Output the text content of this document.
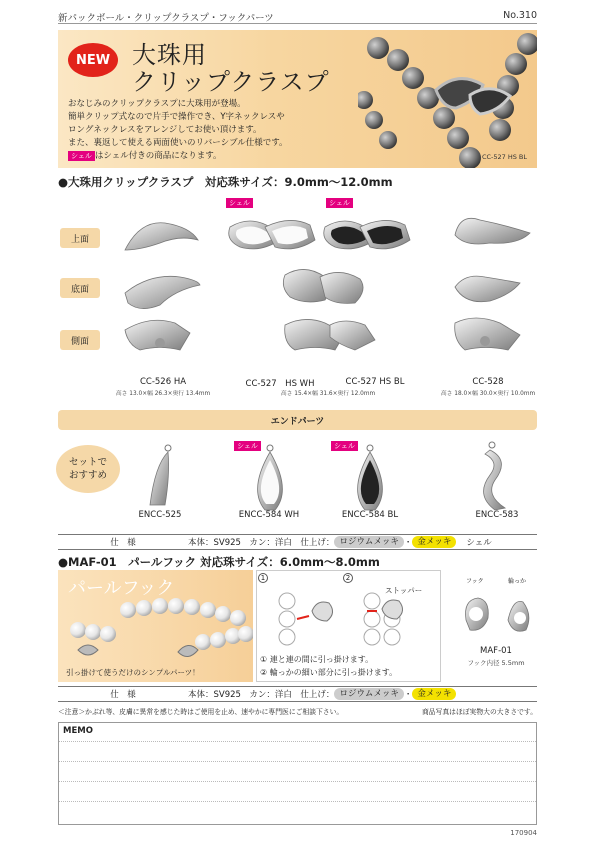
新パックボール・クリップクラスプ・フックパーツ	No.310
NEW 大珠用
クリップクラスプ
おなじみのクリップクラスプに大珠用が登場。
簡単クリップ式なので片手で操作でき、Y字ネックレスや
ロングネックレスをアレンジしてお使い頂けます。
また、裏返して使える両面使いのリバーシブル仕様です。
シェル はシェル付きの商品になります。	CC-527 HS BL
●大珠用クリップクラスプ　対応珠サイズ：9.0mm〜12.0mm
上面
底面
側面
シェル	シェル
CC-526 HA
高さ 13.0×幅 26.3×奥行 13.4mm
CC-527　HS WH	CC-527 HS BL
高さ 15.4×幅 31.6×奥行 12.0mm
CC-528
高さ 18.0×幅 30.0×奥行 10.0mm
エンドパーツ
セットで
おすすめ
シェル	シェル
ENCC-525	ENCC-584 WH	ENCC-584 BL	ENCC-583
仕　様	本体：SV925　カン：洋白　仕上げ： ロジウムメッキ ・ 金メッキ	シェル
●MAF-01　パールフック 対応珠サイズ：6.0mm〜8.0mm
パールフック
引っ掛けて使うだけのシンプルパーツ！
1	2
ストッパー
① 連と連の間に引っ掛けます。
② 輪っかの細い部分に引っ掛けます。
フック	輪っか
MAF-01
フック内径 5.5mm
仕　様	本体：SV925　カン：洋白　仕上げ： ロジウムメッキ ・ 金メッキ
＜注意＞かぶれ等、皮膚に異常を感じた時はご使用を止め、速やかに専門医にご相談下さい。	商品写真はほぼ実物大の大きさです。
MEMO
170904
